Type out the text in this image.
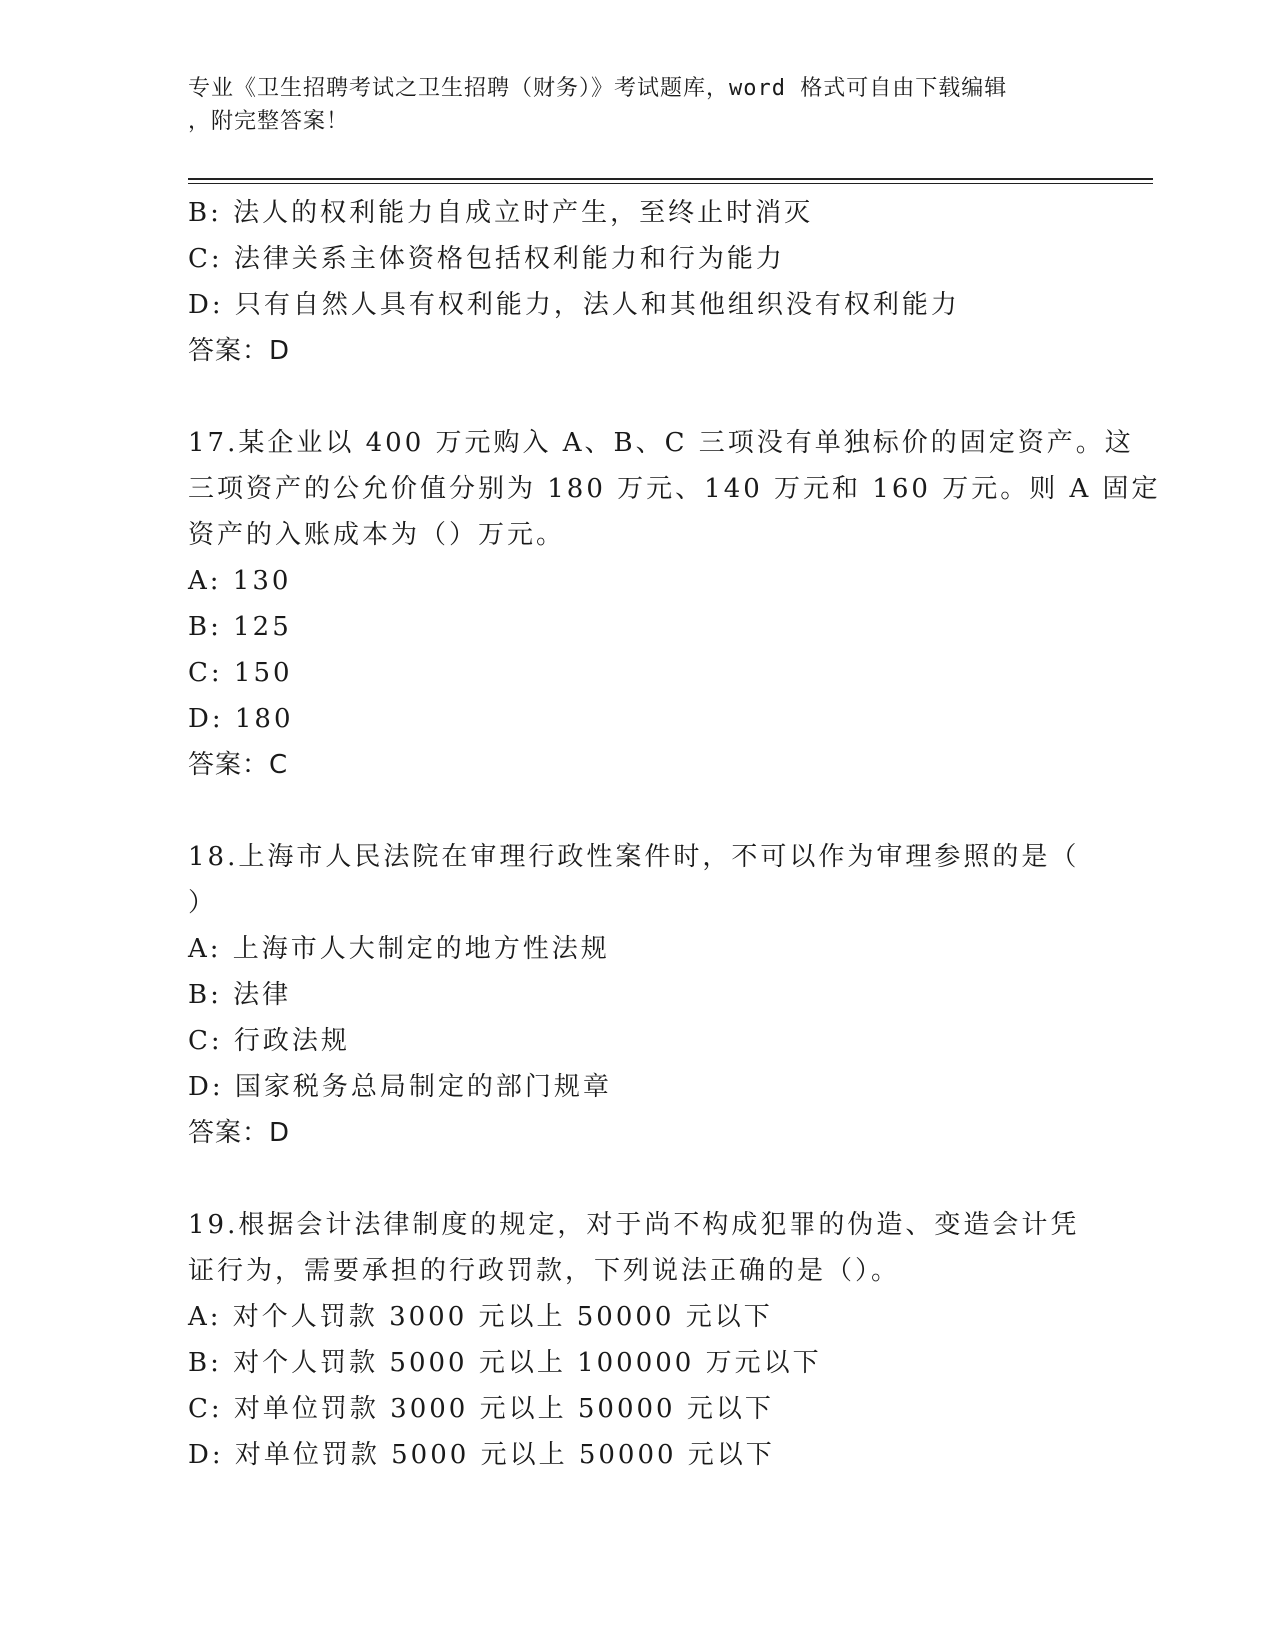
专业《卫生招聘考试之卫生招聘（财务）》考试题库，word 格式可自由下载编辑
，附完整答案！
B: 法人的权利能力自成立时产生，至终止时消灭
C: 法律关系主体资格包括权利能力和行为能力
D: 只有自然人具有权利能力，法人和其他组织没有权利能力
答案：D
17.某企业以 400 万元购入 A、B、C 三项没有单独标价的固定资产。这
三项资产的公允价值分别为 180 万元、140 万元和 160 万元。则 A 固定
资产的入账成本为（）万元。
A: 130
B: 125
C: 150
D: 180
答案：C
18.上海市人民法院在审理行政性案件时，不可以作为审理参照的是（
）
A: 上海市人大制定的地方性法规
B: 法律
C: 行政法规
D: 国家税务总局制定的部门规章
答案：D
19.根据会计法律制度的规定，对于尚不构成犯罪的伪造、变造会计凭
证行为，需要承担的行政罚款，下列说法正确的是（）。
A: 对个人罚款 3000 元以上 50000 元以下
B: 对个人罚款 5000 元以上 100000 万元以下
C: 对单位罚款 3000 元以上 50000 元以下
D: 对单位罚款 5000 元以上 50000 元以下
